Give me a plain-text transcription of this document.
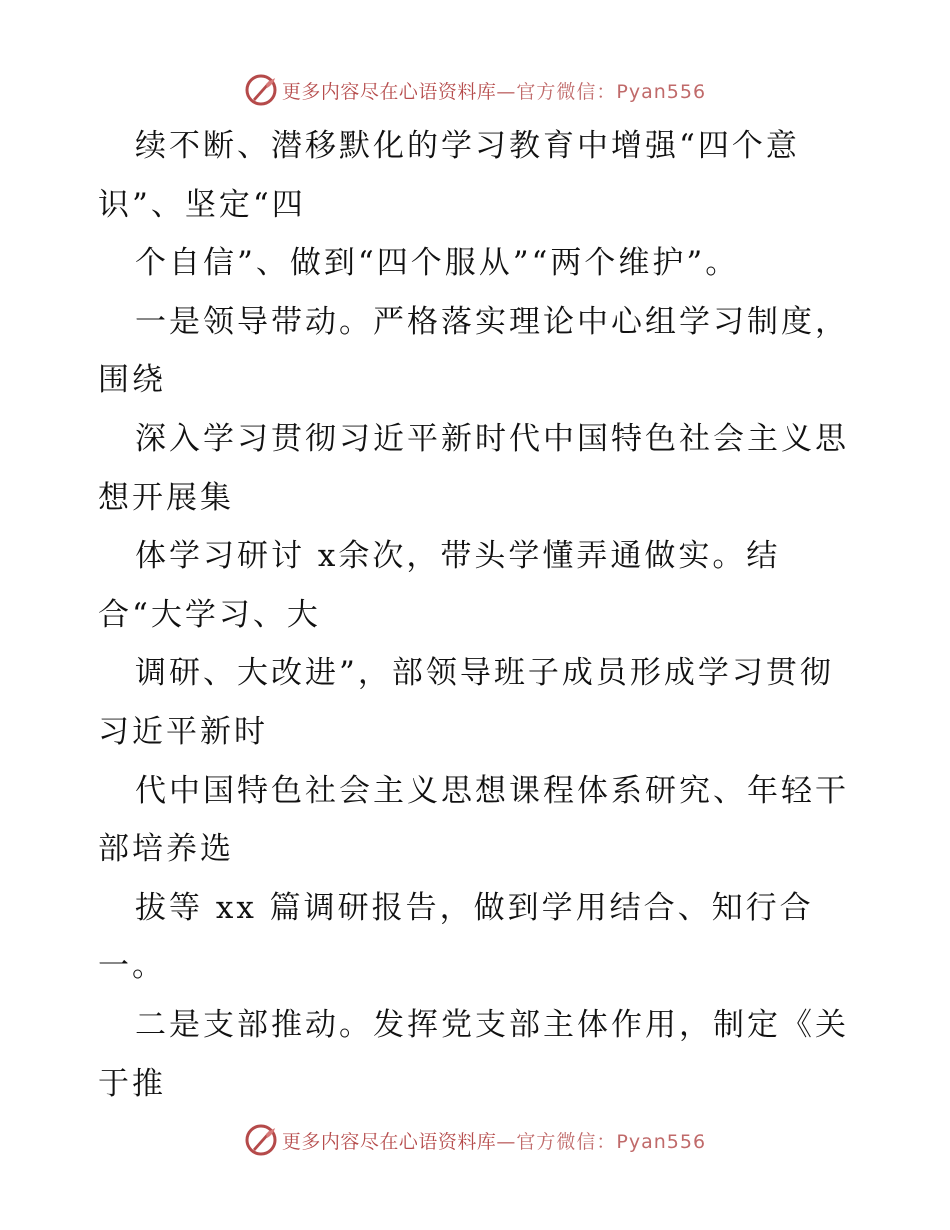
更多内容尽在心语资料库 —官方微信：Pyan556
续不断、潜移默化的学习教育中增强“四个意
识”、坚定“四
个自信”、做到“四个服从”“两个维护”。
一是领导带动。严格落实理论中心组学习制度，
围绕
深入学习贯彻习近平新时代中国特色社会主义思
想开展集
体学习研讨 x余次，带头学懂弄通做实。结
合“大学习、大
调研、大改进”，部领导班子成员形成学习贯彻
习近平新时
代中国特色社会主义思想课程体系研究、年轻干
部培养选
拔等 xx 篇调研报告，做到学用结合、知行合
一。
二是支部推动。发挥党支部主体作用，制定《关
于推
更多内容尽在心语资料库 —官方微信：Pyan556
